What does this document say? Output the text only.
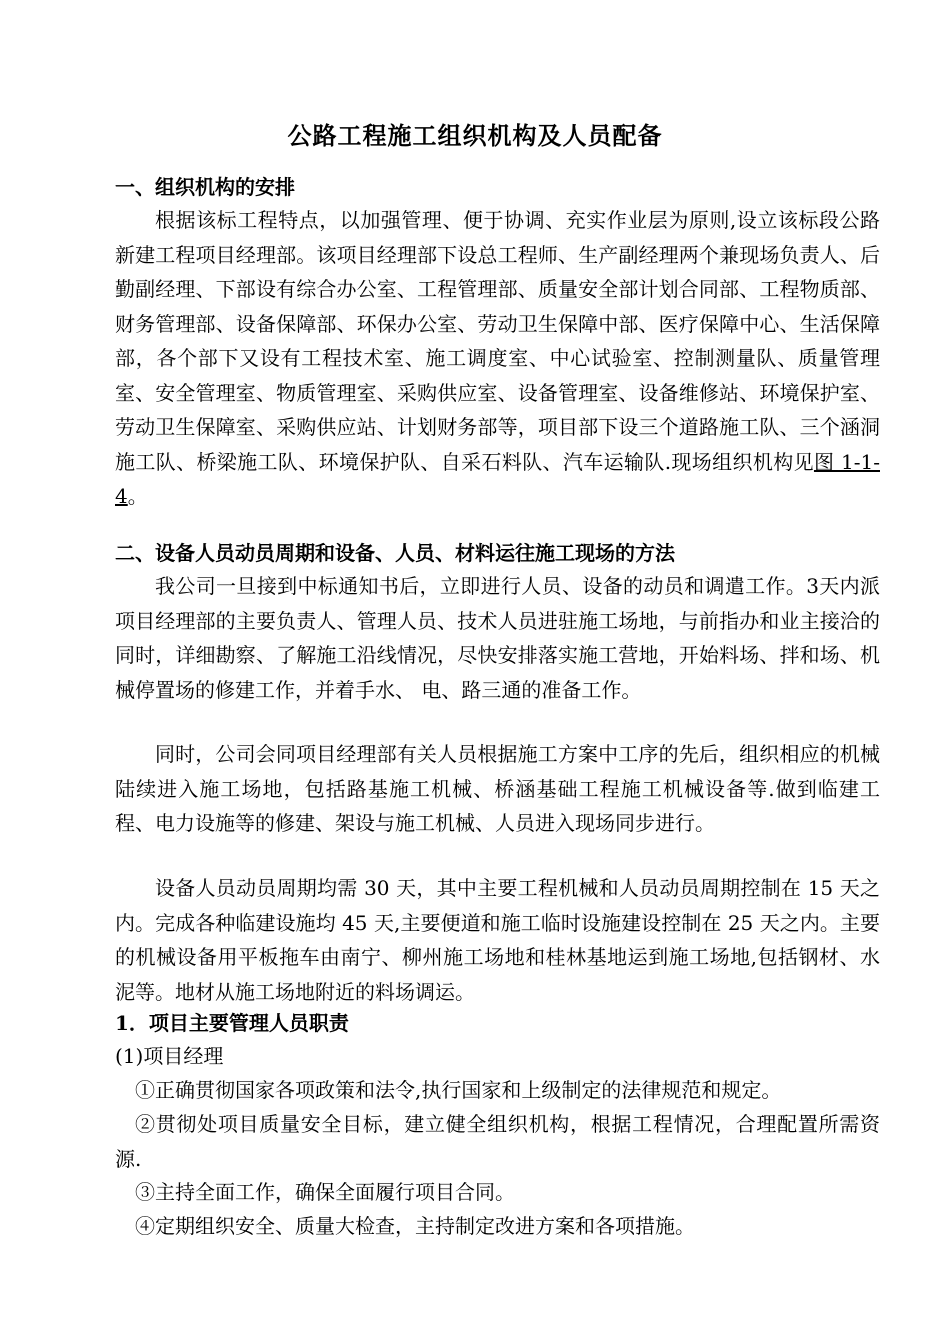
公路工程施工组织机构及人员配备
一、组织机构的安排

根据该标工程特点，以加强管理、便于协调、充实作业层为原则,设立该标段公路新建工程项目经理部。该项目经理部下设总工程师、生产副经理两个兼现场负责人、后勤副经理、下部设有综合办公室、工程管理部、质量安全部计划合同部、工程物质部、财务管理部、设备保障部、环保办公室、劳动卫生保障中部、医疗保障中心、生活保障部，各个部下又设有工程技术室、施工调度室、中心试验室、控制测量队、质量管理室、安全管理室、物质管理室、采购供应室、设备管理室、设备维修站、环境保护室、劳动卫生保障室、采购供应站、计划财务部等，项目部下设三个道路施工队、三个涵洞施工队、桥梁施工队、环境保护队、自采石料队、汽车运输队.现场组织机构见图 1-1-4。

二、设备人员动员周期和设备、人员、材料运往施工现场的方法

我公司一旦接到中标通知书后，立即进行人员、设备的动员和调遣工作。3天内派项目经理部的主要负责人、管理人员、技术人员进驻施工场地，与前指办和业主接洽的同时，详细勘察、了解施工沿线情况，尽快安排落实施工营地，开始料场、拌和场、机械停置场的修建工作，并着手水、 电、路三通的准备工作。

同时，公司会同项目经理部有关人员根据施工方案中工序的先后，组织相应的机械陆续进入施工场地，包括路基施工机械、桥涵基础工程施工机械设备等.做到临建工程、电力设施等的修建、架设与施工机械、人员进入现场同步进行。

设备人员动员周期均需 30 天，其中主要工程机械和人员动员周期控制在 15 天之内。完成各种临建设施均 45 天,主要便道和施工临时设施建设控制在 25 天之内。主要的机械设备用平板拖车由南宁、柳州施工场地和桂林基地运到施工场地,包括钢材、水泥等。地材从施工场地附近的料场调运。

1．项目主要管理人员职责

(1)项目经理

①正确贯彻国家各项政策和法令,执行国家和上级制定的法律规范和规定。

②贯彻处项目质量安全目标，建立健全组织机构，根据工程情况，合理配置所需资源.

③主持全面工作，确保全面履行项目合同。

④定期组织安全、质量大检查，主持制定改进方案和各项措施。
